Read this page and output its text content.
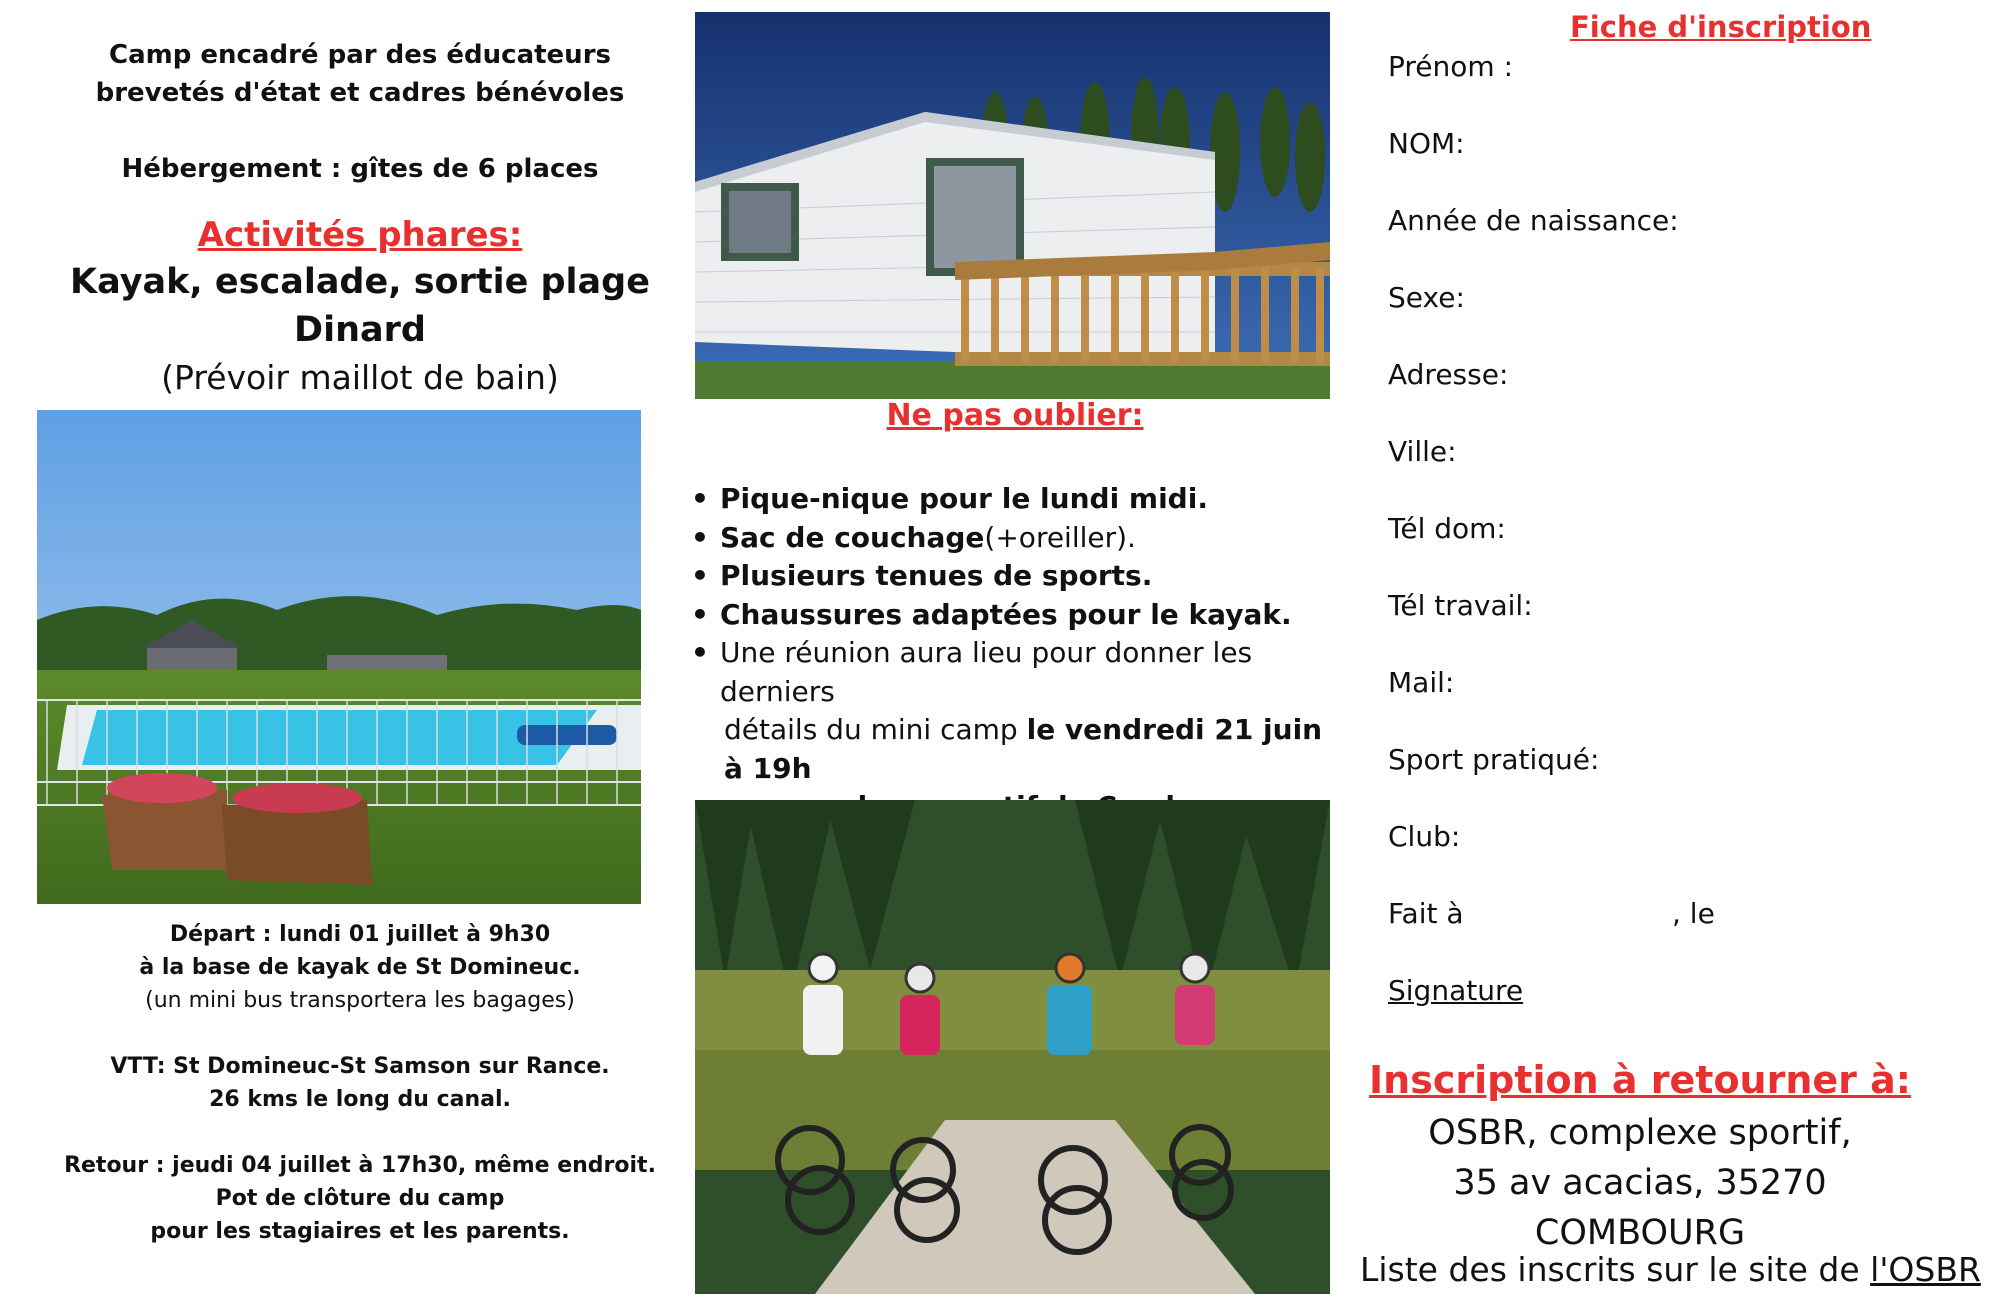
Camp encadré par des éducateurs
brevetés d'état et cadres bénévoles
Hébergement : gîtes de 6 places
Activités phares:
Kayak, escalade, sortie plage Dinard
(Prévoir maillot de bain)
Départ : lundi 01 juillet à 9h30
à la base de kayak de St Domineuc.
(un mini bus transportera les bagages)
VTT: St Domineuc-St Samson sur Rance.
26 kms le long du canal.
Retour : jeudi 04 juillet à 17h30, même endroit.
Pot de clôture du camp
pour les stagiaires et les parents.
Ne pas oublier:
• Pique-nique pour le lundi midi.
• Sac de couchage(+oreiller).
• Plusieurs tenues de sports.
• Chaussures adaptées pour le kayak.
• Une réunion aura lieu pour donner les derniers
détails du mini camp le vendredi 21 juin à 19h
Fiche d'inscription
Prénom :
NOM:
Année de naissance:
Sexe:
Adresse:
Ville:
Tél dom:
Tél travail:
Mail:
Sport pratiqué:
Club:
Fait à	, le
Signature
Inscription à retourner à:
OSBR, complexe sportif,
35 av acacias, 35270 COMBOURG
Liste des inscrits sur le site de l'OSBR
